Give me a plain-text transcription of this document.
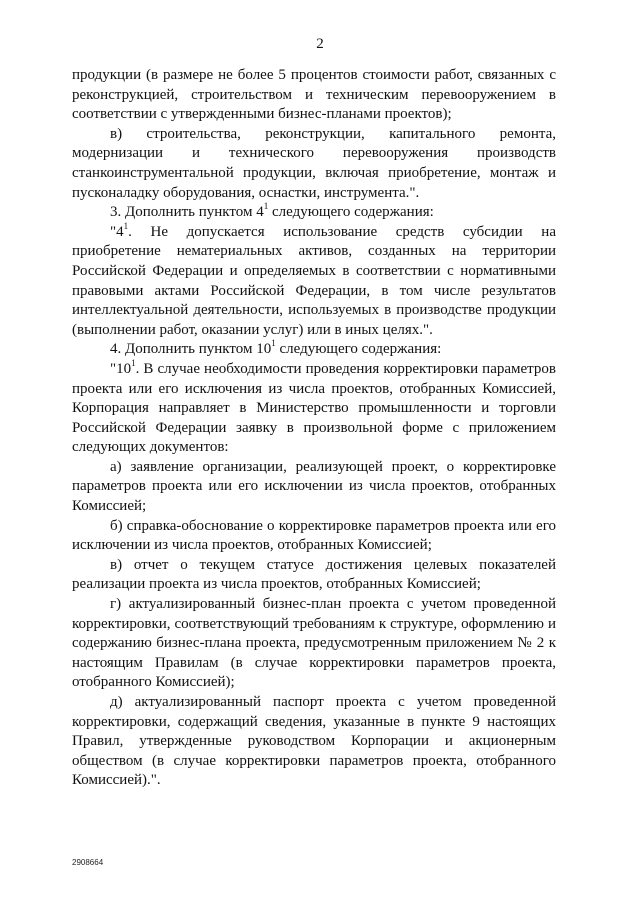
2

продукции (в размере не более 5 процентов стоимости работ, связанных с реконструкцией, строительством и техническим перевооружением в соответствии с утвержденными бизнес-планами проектов);

в) строительства, реконструкции, капитального ремонта, модернизации и технического перевооружения производств станкоинструментальной продукции, включая приобретение, монтаж и пусконаладку оборудования, оснастки, инструмента.".

3. Дополнить пунктом $4^1$ следующего содержания:

"$4^1$. Не допускается использование средств субсидии на приобретение нематериальных активов, созданных на территории Российской Федерации и определяемых в соответствии с нормативными правовыми актами Российской Федерации, в том числе результатов интеллектуальной деятельности, используемых в производстве продукции (выполнении работ, оказании услуг) или в иных целях.".

4. Дополнить пунктом $10^1$ следующего содержания:

"$10^1$. В случае необходимости проведения корректировки параметров проекта или его исключения из числа проектов, отобранных Комиссией, Корпорация направляет в Министерство промышленности и торговли Российской Федерации заявку в произвольной форме с приложением следующих документов:

а) заявление организации, реализующей проект, о корректировке параметров проекта или его исключении из числа проектов, отобранных Комиссией;

б) справка-обоснование о корректировке параметров проекта или его исключении из числа проектов, отобранных Комиссией;

в) отчет о текущем статусе достижения целевых показателей реализации проекта из числа проектов, отобранных Комиссией;

г) актуализированный бизнес-план проекта с учетом проведенной корректировки, соответствующий требованиям к структуре, оформлению и содержанию бизнес-плана проекта, предусмотренным приложением № 2 к настоящим Правилам (в случае корректировки параметров проекта, отобранного Комиссией);

д) актуализированный паспорт проекта с учетом проведенной корректировки, содержащий сведения, указанные в пункте 9 настоящих Правил, утвержденные руководством Корпорации и акционерным обществом (в случае корректировки параметров проекта, отобранного Комиссией).".

2908664
